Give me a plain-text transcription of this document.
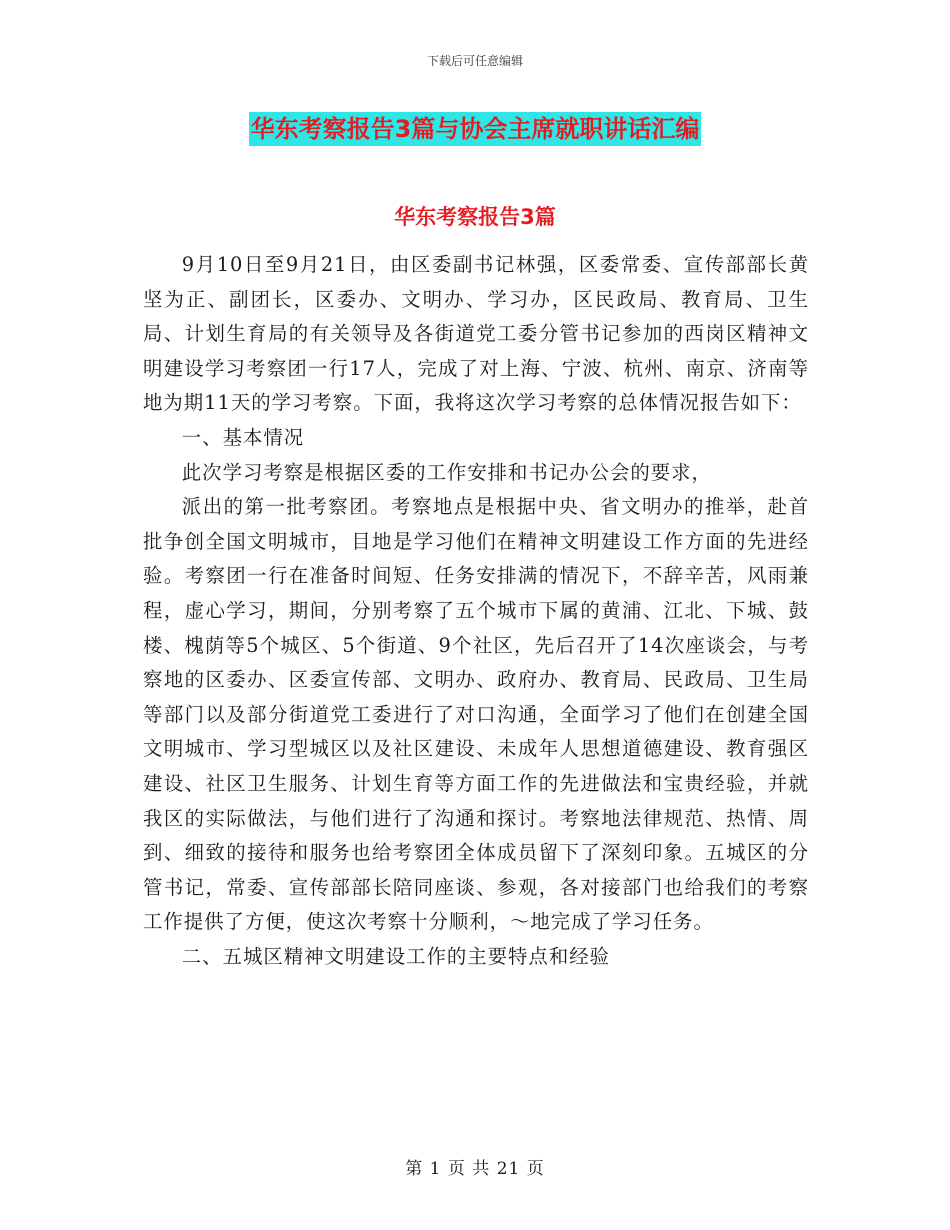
下载后可任意编辑
华东考察报告3篇与协会主席就职讲话汇编
华东考察报告3篇

9月10日至9月21日，由区委副书记林强，区委常委、宣传部部长黄坚为正、副团长，区委办、文明办、学习办，区民政局、教育局、卫生局、计划生育局的有关领导及各街道党工委分管书记参加的西岗区精神文明建设学习考察团一行17人，完成了对上海、宁波、杭州、南京、济南等地为期11天的学习考察。下面，我将这次学习考察的总体情况报告如下：

一、基本情况

此次学习考察是根据区委的工作安排和书记办公会的要求，

派出的第一批考察团。考察地点是根据中央、省文明办的推举，赴首批争创全国文明城市，目地是学习他们在精神文明建设工作方面的先进经验。考察团一行在准备时间短、任务安排满的情况下，不辞辛苦，风雨兼程，虚心学习，期间，分别考察了五个城市下属的黄浦、江北、下城、鼓楼、槐荫等5个城区、5个街道、9个社区，先后召开了14次座谈会，与考察地的区委办、区委宣传部、文明办、政府办、教育局、民政局、卫生局等部门以及部分街道党工委进行了对口沟通，全面学习了他们在创建全国文明城市、学习型城区以及社区建设、未成年人思想道德建设、教育强区建设、社区卫生服务、计划生育等方面工作的先进做法和宝贵经验，并就我区的实际做法，与他们进行了沟通和探讨。考察地法律规范、热情、周到、细致的接待和服务也给考察团全体成员留下了深刻印象。五城区的分管书记，常委、宣传部部长陪同座谈、参观，各对接部门也给我们的考察工作提供了方便，使这次考察十分顺利，～地完成了学习任务。

二、五城区精神文明建设工作的主要特点和经验

第 1 页 共 21 页
